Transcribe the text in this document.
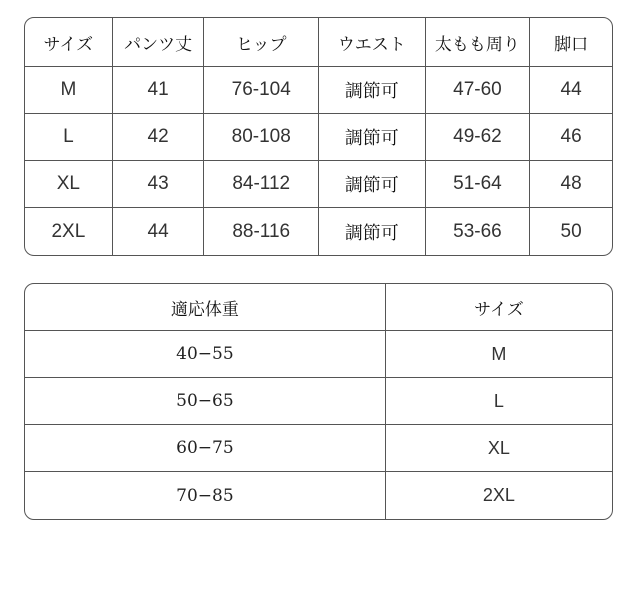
サイズ	パンツ丈	ヒップ	ウエスト	太もも周り	脚口
M	41	76-104	調節可	47-60	44
L	42	80-108	調節可	49-62	46
XL	43	84-112	調節可	51-64	48
2XL	44	88-116	調節可	53-66	50
適応体重	サイズ
40−55	M
50−65	L
60−75	XL
70−85	2XL
